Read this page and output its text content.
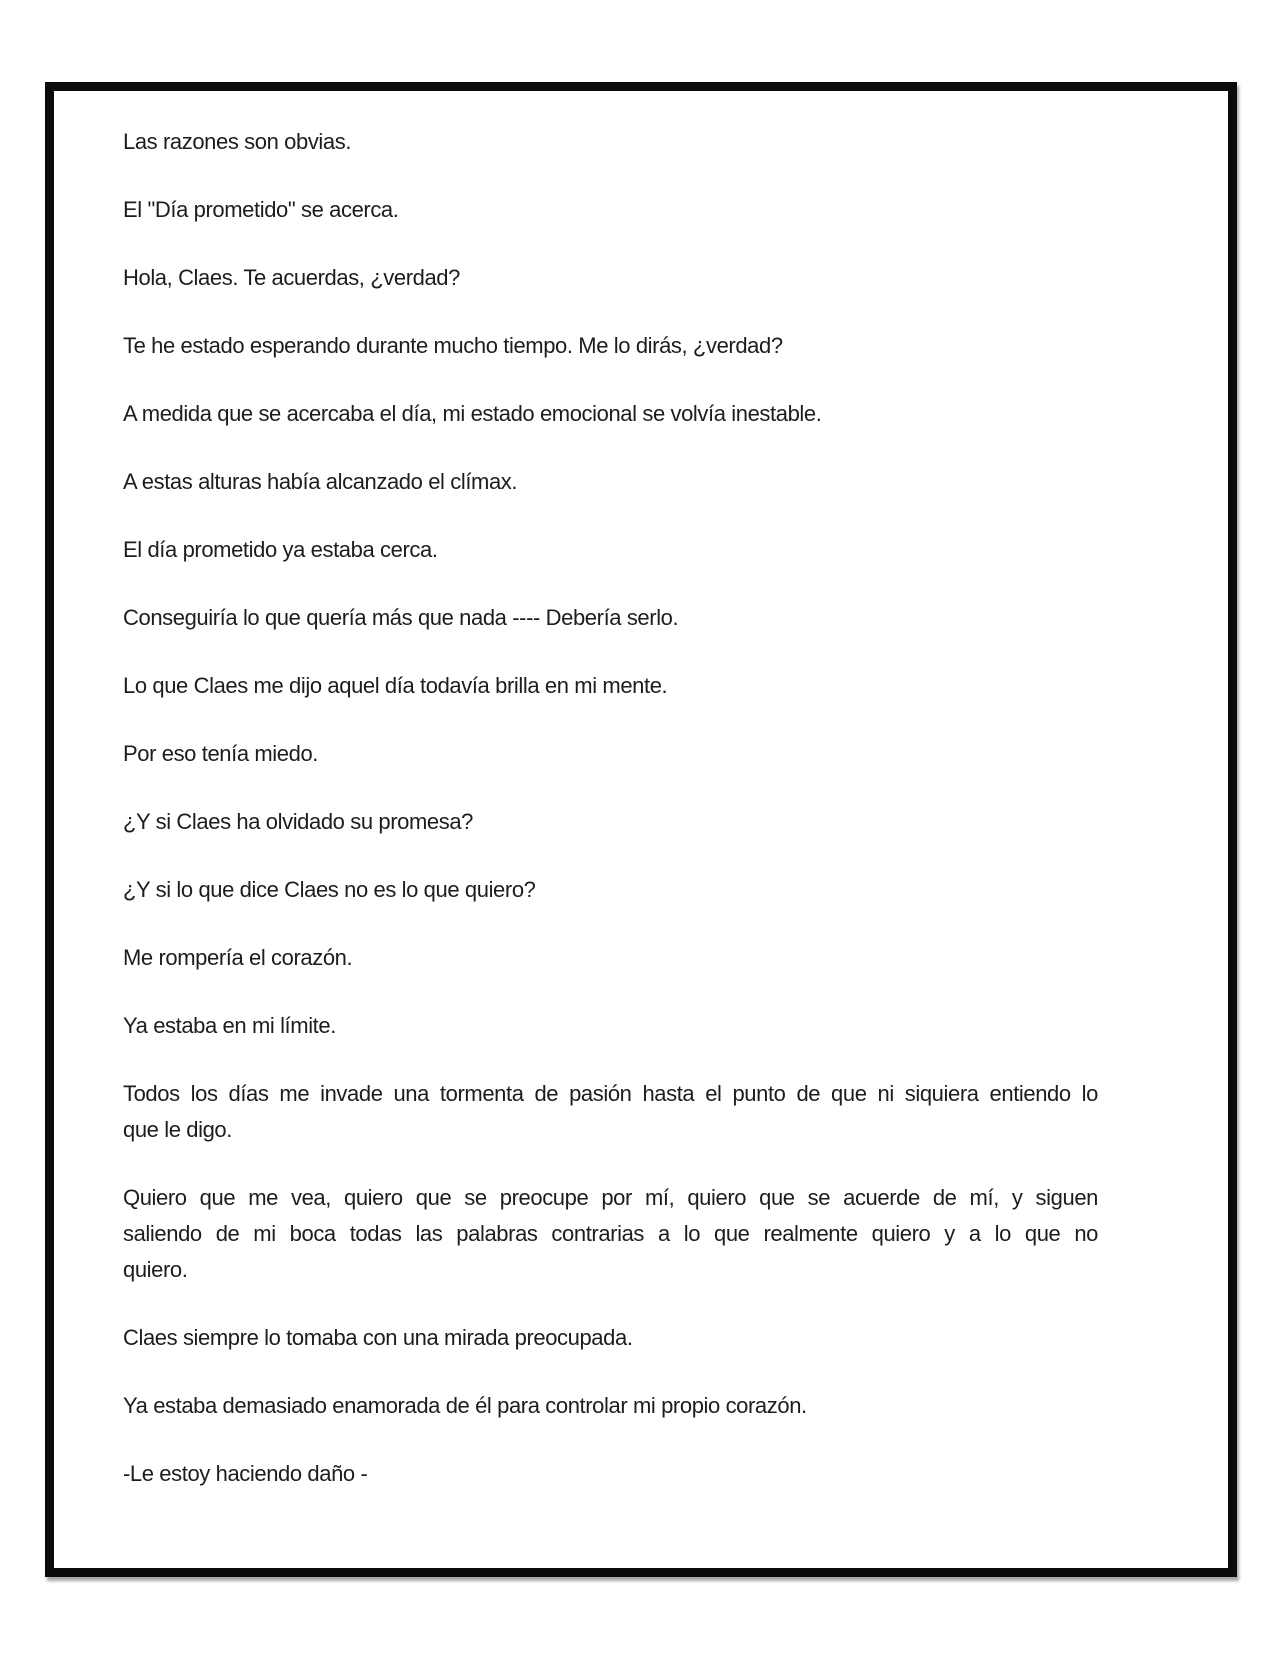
Las razones son obvias.

El "Día prometido" se acerca.

Hola, Claes. Te acuerdas, ¿verdad?

Te he estado esperando durante mucho tiempo. Me lo dirás, ¿verdad?

A medida que se acercaba el día, mi estado emocional se volvía inestable.

A estas alturas había alcanzado el clímax.

El día prometido ya estaba cerca.

Conseguiría lo que quería más que nada ---- Debería serlo.

Lo que Claes me dijo aquel día todavía brilla en mi mente.

Por eso tenía miedo.

¿Y si Claes ha olvidado su promesa?

¿Y si lo que dice Claes no es lo que quiero?

Me rompería el corazón.

Ya estaba en mi límite.

Todos los días me invade una tormenta de pasión hasta el punto de que ni siquiera entiendo lo
que le digo.

Quiero que me vea, quiero que se preocupe por mí, quiero que se acuerde de mí, y siguen
saliendo de mi boca todas las palabras contrarias a lo que realmente quiero y a lo que no
quiero.

Claes siempre lo tomaba con una mirada preocupada.

Ya estaba demasiado enamorada de él para controlar mi propio corazón.

-Le estoy haciendo daño -
